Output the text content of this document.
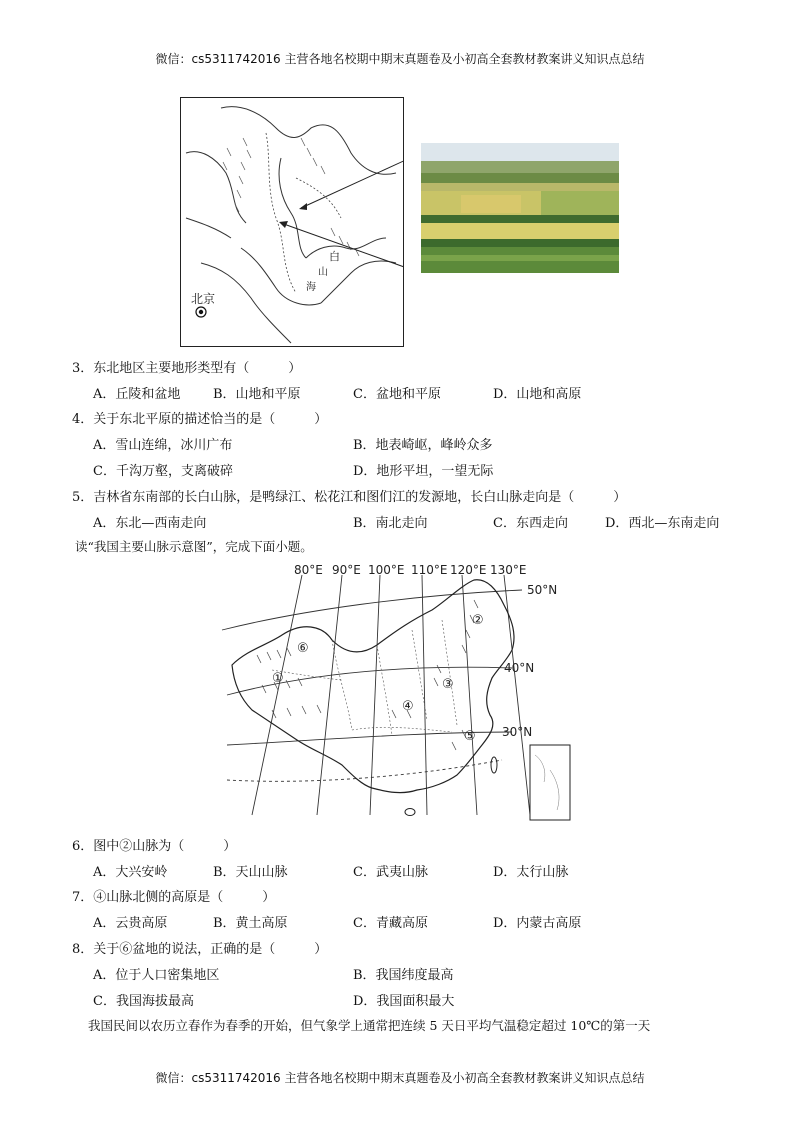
微信：cs5311742016 主营各地名校期中期末真题卷及小初高全套教材教案讲义知识点总结
北京
白
山
海
3．东北地区主要地形类型有（　　　）
A．丘陵和盆地	B．山地和平原	C．盆地和平原	D．山地和高原
4．关于东北平原的描述恰当的是（　　　）
A．雪山连绵，冰川广布	B．地表崎岖，峰岭众多
C．千沟万壑，支离破碎	D．地形平坦，一望无际
5．吉林省东南部的长白山脉，是鸭绿江、松花江和图们江的发源地，长白山脉走向是（　　　）
A．东北—西南走向	B．南北走向	C．东西走向	D．西北—东南走向
读“我国主要山脉示意图”，完成下面小题。
80°E 90°E 100°E 110°E 120°E 130°E
50°N
40°N
30°N
①
②
③
④
⑤
⑥
6．图中②山脉为（　　　）
A．大兴安岭	B．天山山脉	C．武夷山脉	D．太行山脉
7．④山脉北侧的高原是（　　　）
A．云贵高原	B．黄土高原	C．青藏高原	D．内蒙古高原
8．关于⑥盆地的说法，正确的是（　　　）
A．位于人口密集地区	B．我国纬度最高
C．我国海拔最高	D．我国面积最大
我国民间以农历立春作为春季的开始，但气象学上通常把连续 5 天日平均气温稳定超过 10℃的第一天
微信：cs5311742016 主营各地名校期中期末真题卷及小初高全套教材教案讲义知识点总结
